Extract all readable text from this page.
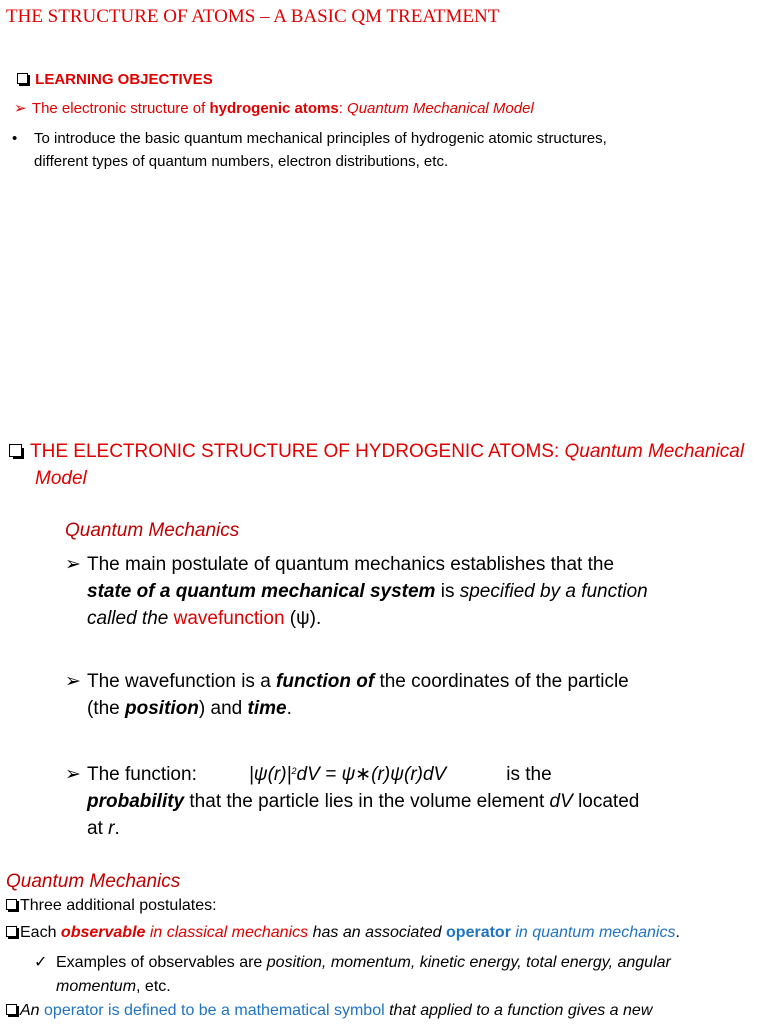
THE STRUCTURE OF ATOMS – A BASIC QM TREATMENT
LEARNING OBJECTIVES
➢ The electronic structure of hydrogenic atoms: Quantum Mechanical Model
• To introduce the basic quantum mechanical principles of hydrogenic atomic structures,
different types of quantum numbers, electron distributions, etc.
THE ELECTRONIC STRUCTURE OF HYDROGENIC ATOMS: Quantum Mechanical
Model
Quantum Mechanics
➢ The main postulate of quantum mechanics establishes that the
state of a quantum mechanical system is specified by a function
called the wavefunction (ψ).
➢ The wavefunction is a function of the coordinates of the particle
(the position) and time.
➢ The function:	$|\psi(r)|^2dV$ = ψ∗(r)ψ(r)dV	is the
probability that the particle lies in the volume element dV located
at r.
Quantum Mechanics
Three additional postulates:
Each observable in classical mechanics has an associated operator in quantum mechanics.
✓ Examples of observables are position, momentum, kinetic energy, total energy, angular
momentum, etc.
An operator is defined to be a mathematical symbol that applied to a function gives a new
